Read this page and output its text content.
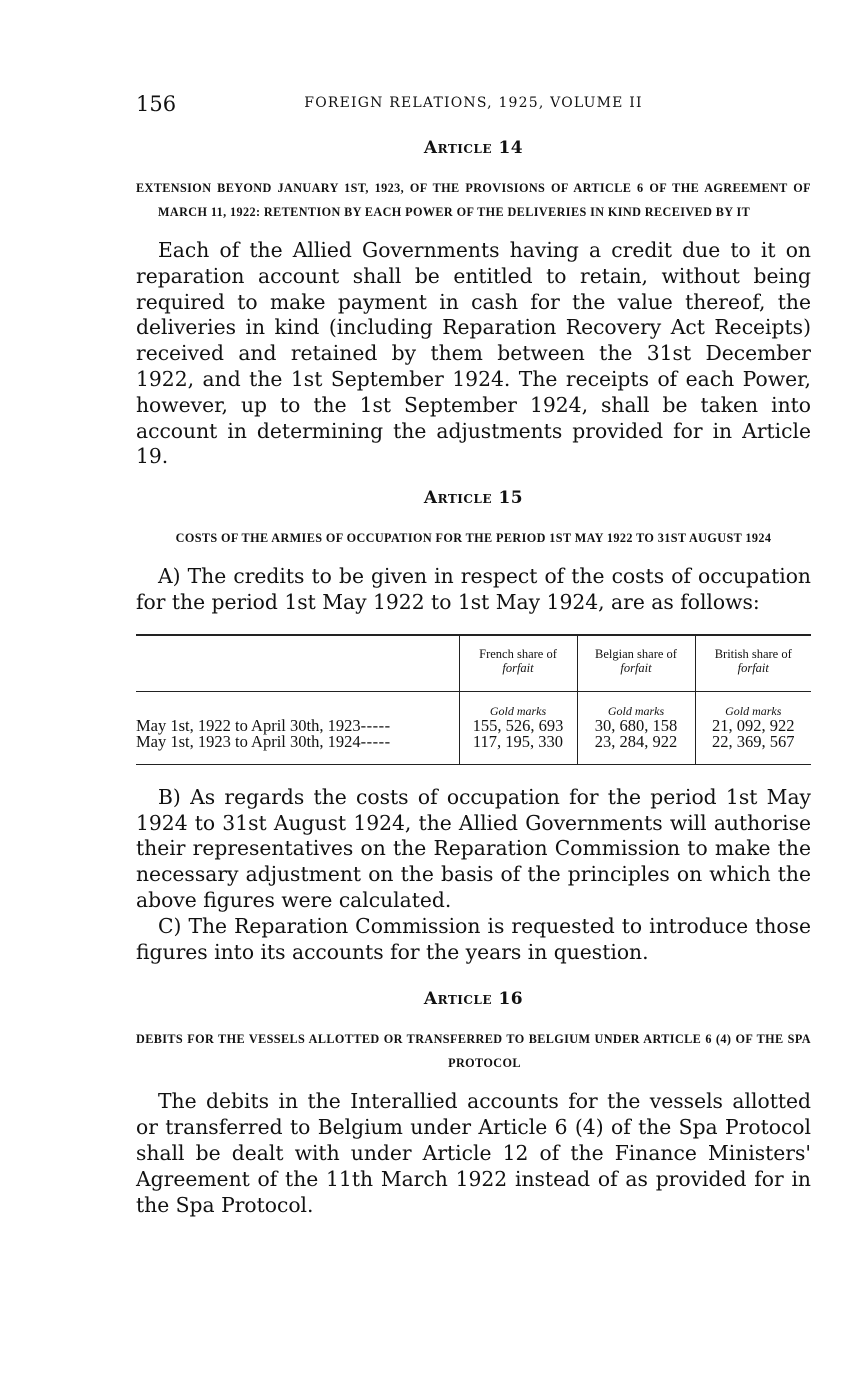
156	FOREIGN RELATIONS, 1925, VOLUME II
Article 14
EXTENSION BEYOND JANUARY 1ST, 1923, OF THE PROVISIONS OF ARTICLE 6 OF THE AGREEMENT OF MARCH 11, 1922: RETENTION BY EACH POWER OF THE DELIVERIES IN KIND RECEIVED BY IT

Each of the Allied Governments having a credit due to it on reparation account shall be entitled to retain, without being required to make payment in cash for the value thereof, the deliveries in kind (including Reparation Recovery Act Receipts) received and retained by them between the 31st December 1922, and the 1st September 1924. The receipts of each Power, however, up to the 1st September 1924, shall be taken into account in determining the adjustments provided for in Article 19.

Article 15
COSTS OF THE ARMIES OF OCCUPATION FOR THE PERIOD 1ST MAY 1922 TO 31ST AUGUST 1924

A) The credits to be given in respect of the costs of occupation for the period 1st May 1922 to 1st May 1924, are as follows:

	French share of
forfait	Belgian share of
forfait	British share of
forfait

	Gold marks	Gold marks	Gold marks
May 1st, 1922 to April 30th, 1923-----	155, 526, 693	30, 680, 158	21, 092, 922
May 1st, 1923 to April 30th, 1924-----	117, 195, 330	23, 284, 922	22, 369, 567

B) As regards the costs of occupation for the period 1st May 1924 to 31st August 1924, the Allied Governments will authorise their representatives on the Reparation Commission to make the necessary adjustment on the basis of the principles on which the above figures were calculated.

C) The Reparation Commission is requested to introduce those figures into its accounts for the years in question.

Article 16
DEBITS FOR THE VESSELS ALLOTTED OR TRANSFERRED TO BELGIUM UNDER ARTICLE 6 (4) OF THE SPA PROTOCOL

The debits in the Interallied accounts for the vessels allotted or transferred to Belgium under Article 6 (4) of the Spa Protocol shall be dealt with under Article 12 of the Finance Ministers' Agreement of the 11th March 1922 instead of as provided for in the Spa Protocol.
